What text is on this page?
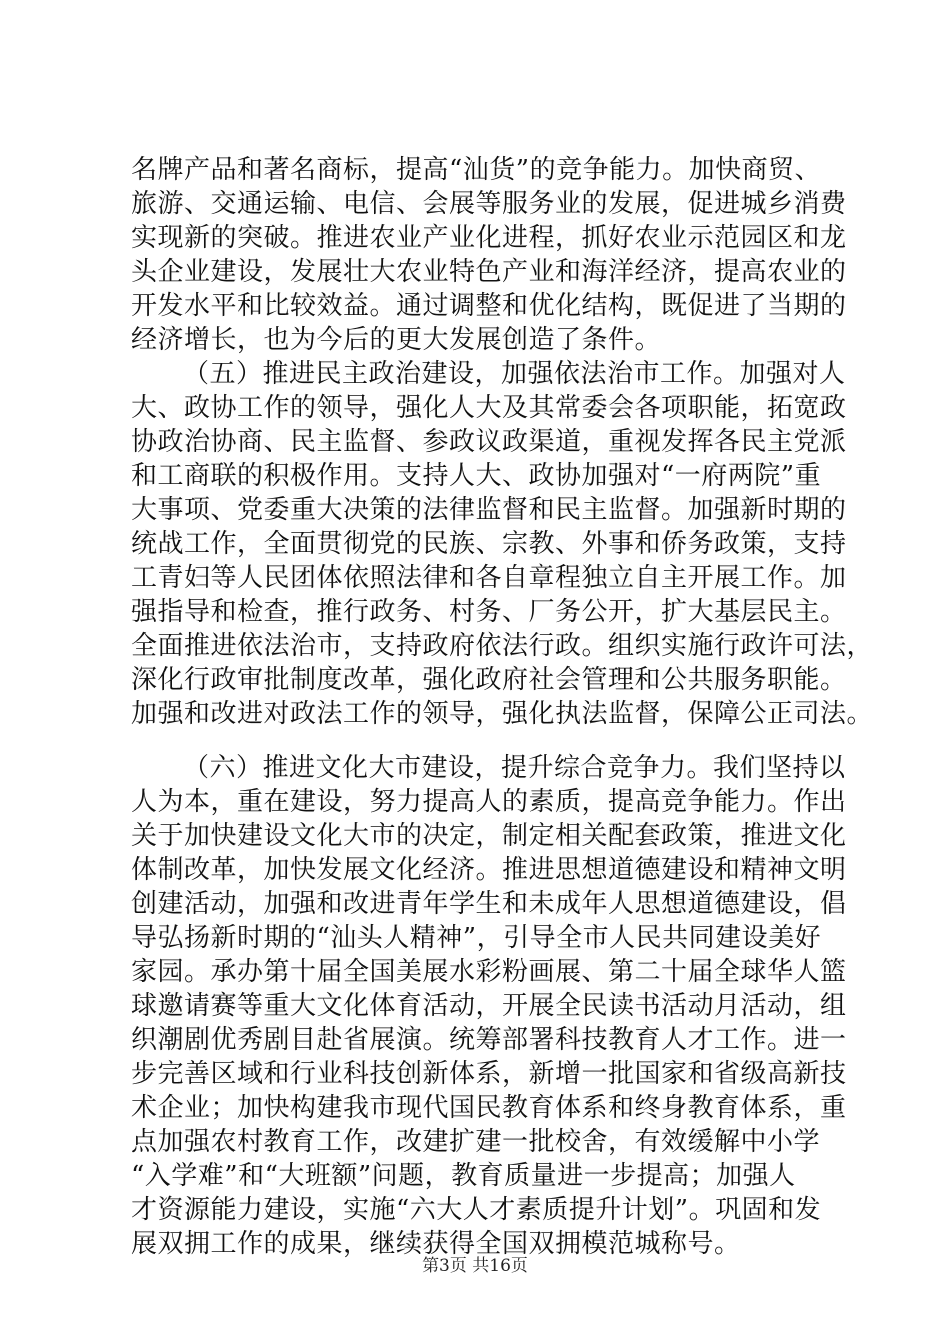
名牌产品和著名商标，提高“汕货”的竞争能力。加快商贸、
旅游、交通运输、电信、会展等服务业的发展，促进城乡消费
实现新的突破。推进农业产业化进程，抓好农业示范园区和龙
头企业建设，发展壮大农业特色产业和海洋经济，提高农业的
开发水平和比较效益。通过调整和优化结构，既促进了当期的
经济增长，也为今后的更大发展创造了条件。
（五）推进民主政治建设，加强依法治市工作。加强对人
大、政协工作的领导，强化人大及其常委会各项职能，拓宽政
协政治协商、民主监督、参政议政渠道，重视发挥各民主党派
和工商联的积极作用。支持人大、政协加强对“一府两院”重
大事项、党委重大决策的法律监督和民主监督。加强新时期的
统战工作，全面贯彻党的民族、宗教、外事和侨务政策，支持
工青妇等人民团体依照法律和各自章程独立自主开展工作。加
强指导和检查，推行政务、村务、厂务公开，扩大基层民主。
全面推进依法治市，支持政府依法行政。组织实施行政许可法，
深化行政审批制度改革，强化政府社会管理和公共服务职能。
加强和改进对政法工作的领导，强化执法监督，保障公正司法。
（六）推进文化大市建设，提升综合竞争力。我们坚持以
人为本，重在建设，努力提高人的素质，提高竞争能力。作出
关于加快建设文化大市的决定，制定相关配套政策，推进文化
体制改革，加快发展文化经济。推进思想道德建设和精神文明
创建活动，加强和改进青年学生和未成年人思想道德建设，倡
导弘扬新时期的“汕头人精神”，引导全市人民共同建设美好
家园。承办第十届全国美展水彩粉画展、第二十届全球华人篮
球邀请赛等重大文化体育活动，开展全民读书活动月活动，组
织潮剧优秀剧目赴省展演。统筹部署科技教育人才工作。进一
步完善区域和行业科技创新体系，新增一批国家和省级高新技
术企业；加快构建我市现代国民教育体系和终身教育体系，重
点加强农村教育工作，改建扩建一批校舍，有效缓解中小学
“入学难”和“大班额”问题，教育质量进一步提高；加强人
才资源能力建设，实施“六大人才素质提升计划”。巩固和发
展双拥工作的成果，继续获得全国双拥模范城称号。
第3页 共16页
